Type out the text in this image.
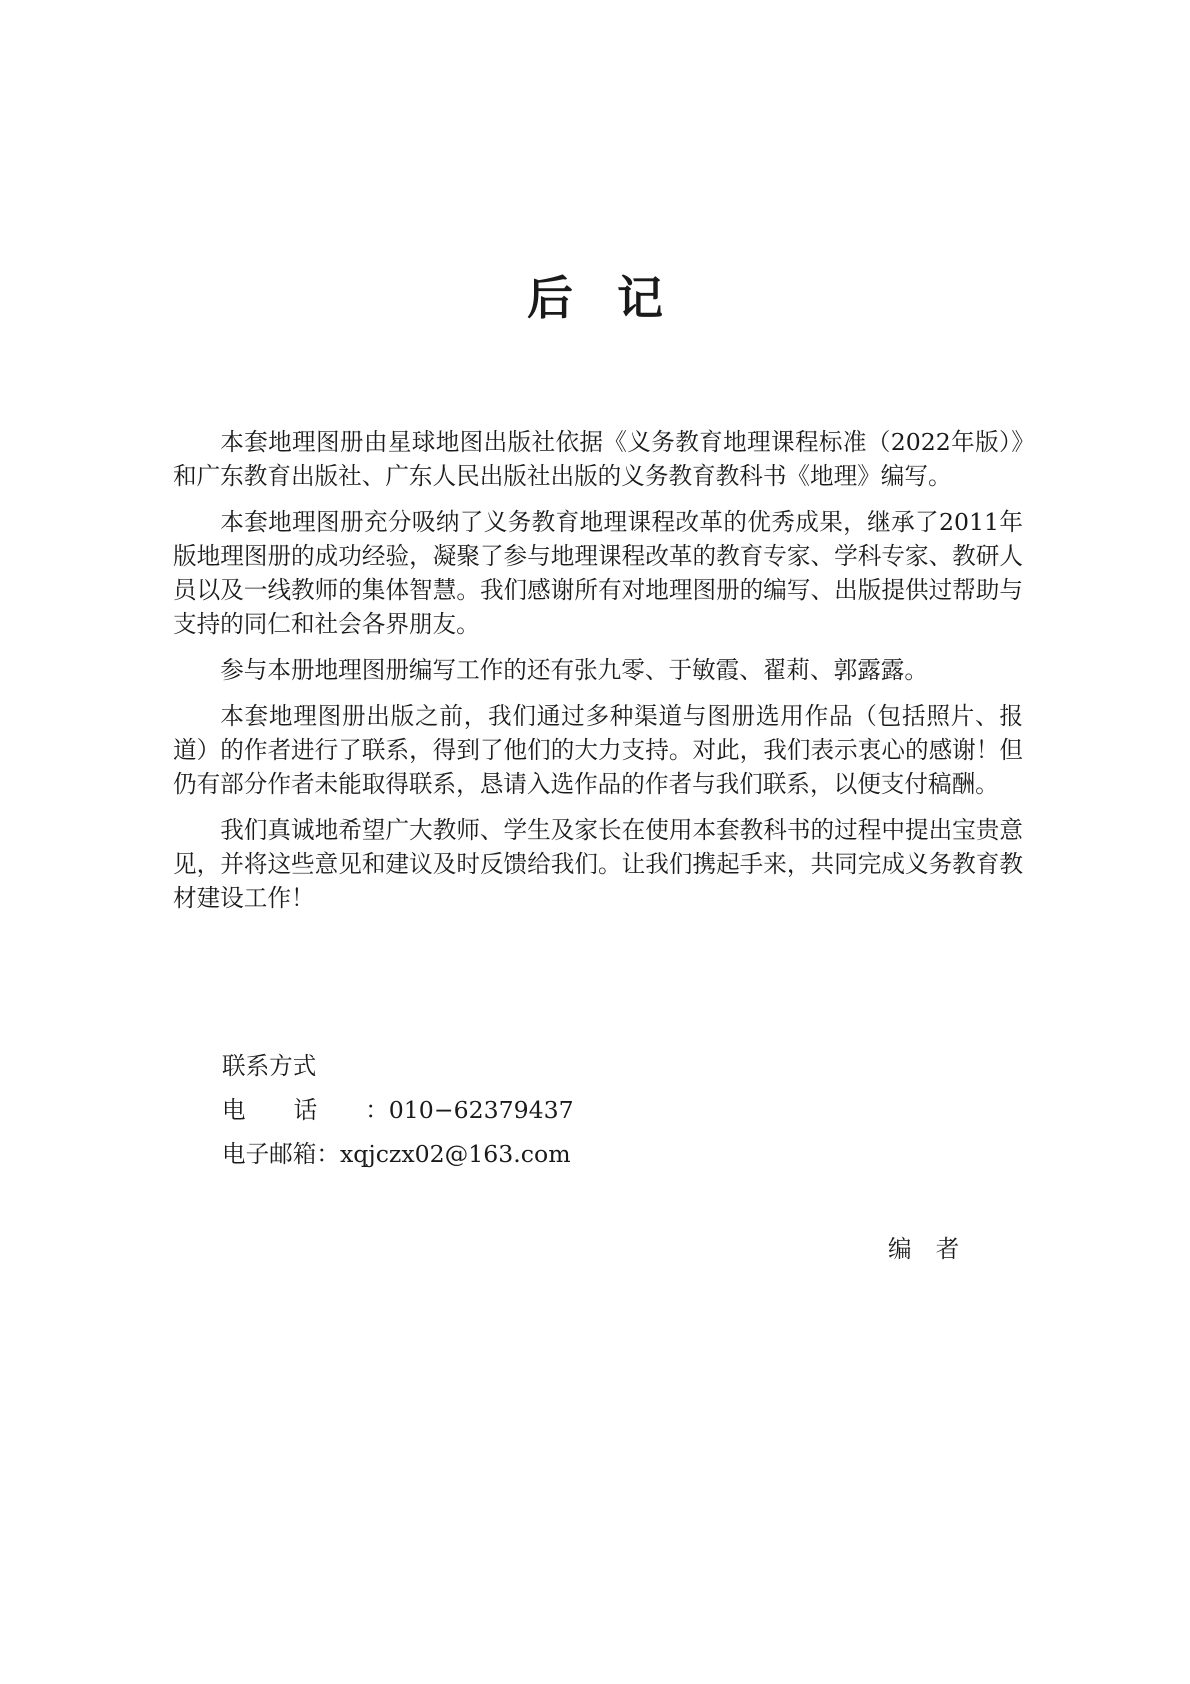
后记

本套地理图册由星球地图出版社依据《义务教育地理课程标准（2022年版）》和广东教育出版社、广东人民出版社出版的义务教育教科书《地理》编写。

本套地理图册充分吸纳了义务教育地理课程改革的优秀成果，继承了2011年版地理图册的成功经验，凝聚了参与地理课程改革的教育专家、学科专家、教研人员以及一线教师的集体智慧。我们感谢所有对地理图册的编写、出版提供过帮助与支持的同仁和社会各界朋友。

参与本册地理图册编写工作的还有张九零、于敏霞、翟莉、郭露露。

本套地理图册出版之前，我们通过多种渠道与图册选用作品（包括照片、报道）的作者进行了联系，得到了他们的大力支持。对此，我们表示衷心的感谢！但仍有部分作者未能取得联系，恳请入选作品的作者与我们联系，以便支付稿酬。

我们真诚地希望广大教师、学生及家长在使用本套教科书的过程中提出宝贵意见，并将这些意见和建议及时反馈给我们。让我们携起手来，共同完成义务教育教材建设工作！

联系方式
电话：010−62379437
电子邮箱：xqjczx02@163.com
编者
